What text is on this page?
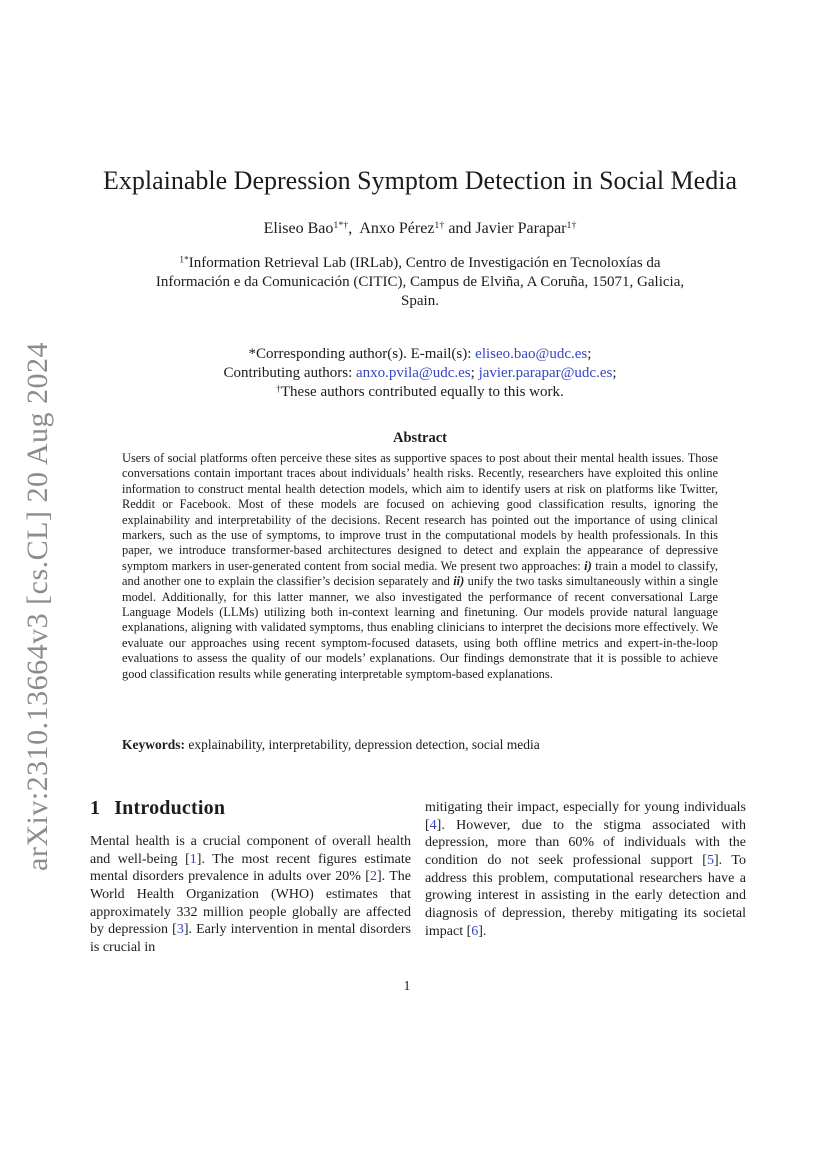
arXiv:2310.13664v3 [cs.CL] 20 Aug 2024
Explainable Depression Symptom Detection in Social Media
Eliseo Bao$^{1*\dagger}$,  Anxo Pérez$^{1\dagger}$ and Javier Parapar$^{1\dagger}$
$^{1*}$Information Retrieval Lab (IRLab), Centro de Investigación en Tecnoloxías da
Información e da Comunicación (CITIC), Campus de Elviña, A Coruña, 15071, Galicia,
Spain.
*Corresponding author(s). E-mail(s): eliseo.bao@udc.es;
Contributing authors: anxo.pvila@udc.es; javier.parapar@udc.es;
†These authors contributed equally to this work.
Abstract
Users of social platforms often perceive these sites as supportive spaces to post about their mental health issues. Those conversations contain important traces about individuals’ health risks. Recently, researchers have exploited this online information to construct mental health detection models, which aim to identify users at risk on platforms like Twitter, Reddit or Facebook. Most of these models are focused on achieving good classification results, ignoring the explainability and interpretability of the decisions. Recent research has pointed out the importance of using clinical markers, such as the use of symptoms, to improve trust in the computational models by health professionals. In this paper, we introduce transformer-based architectures designed to detect and explain the appearance of depressive symptom markers in user-generated content from social media. We present two approaches: i) train a model to classify, and another one to explain the classifier’s decision separately and ii) unify the two tasks simultaneously within a single model. Additionally, for this latter manner, we also investigated the performance of recent conversational Large Language Models (LLMs) utilizing both in-context learning and finetuning. Our models provide natural language explanations, aligning with validated symptoms, thus enabling clinicians to interpret the decisions more effectively. We evaluate our approaches using recent symptom-focused datasets, using both offline metrics and expert-in-the-loop evaluations to assess the quality of our models’ explanations. Our findings demonstrate that it is possible to achieve good classification results while generating interpretable symptom-based explanations.
Keywords: explainability, interpretability, depression detection, social media
1 Introduction

Mental health is a crucial component of overall health and well-being [1]. The most recent figures estimate mental disorders prevalence in adults over 20% [2]. The World Health Organization (WHO) estimates that approximately 332 million people globally are affected by depression [3]. Early intervention in mental disorders is crucial in

mitigating their impact, especially for young individuals [4]. However, due to the stigma associated with depression, more than 60% of individuals with the condition do not seek professional support [5]. To address this problem, computational researchers have a growing interest in assisting in the early detection and diagnosis of depression, thereby mitigating its societal impact [6].

1
